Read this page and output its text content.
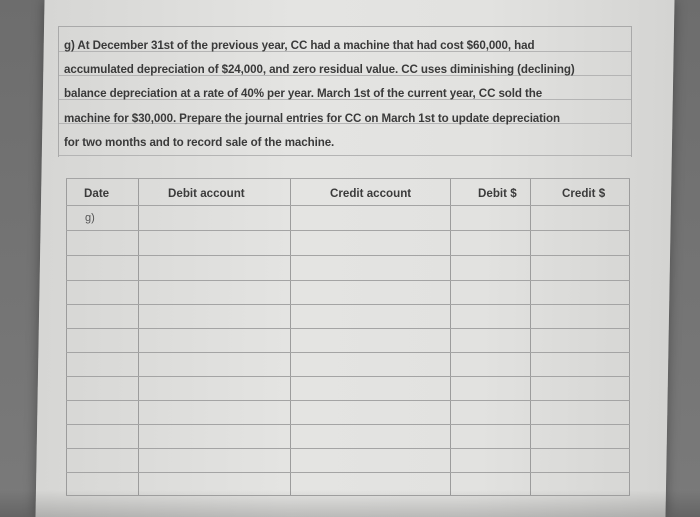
g) At December 31st of the previous year, CC had a machine that had cost $60,000, had
accumulated depreciation of $24,000, and zero residual value. CC uses diminishing (declining)
balance depreciation at a rate of 40% per year. March 1st of the current year, CC sold the
machine for $30,000. Prepare the journal entries for CC on March 1st to update depreciation
for two months and to record sale of the machine.
Date	Debit account	Credit account	Debit $	Credit $
g)
